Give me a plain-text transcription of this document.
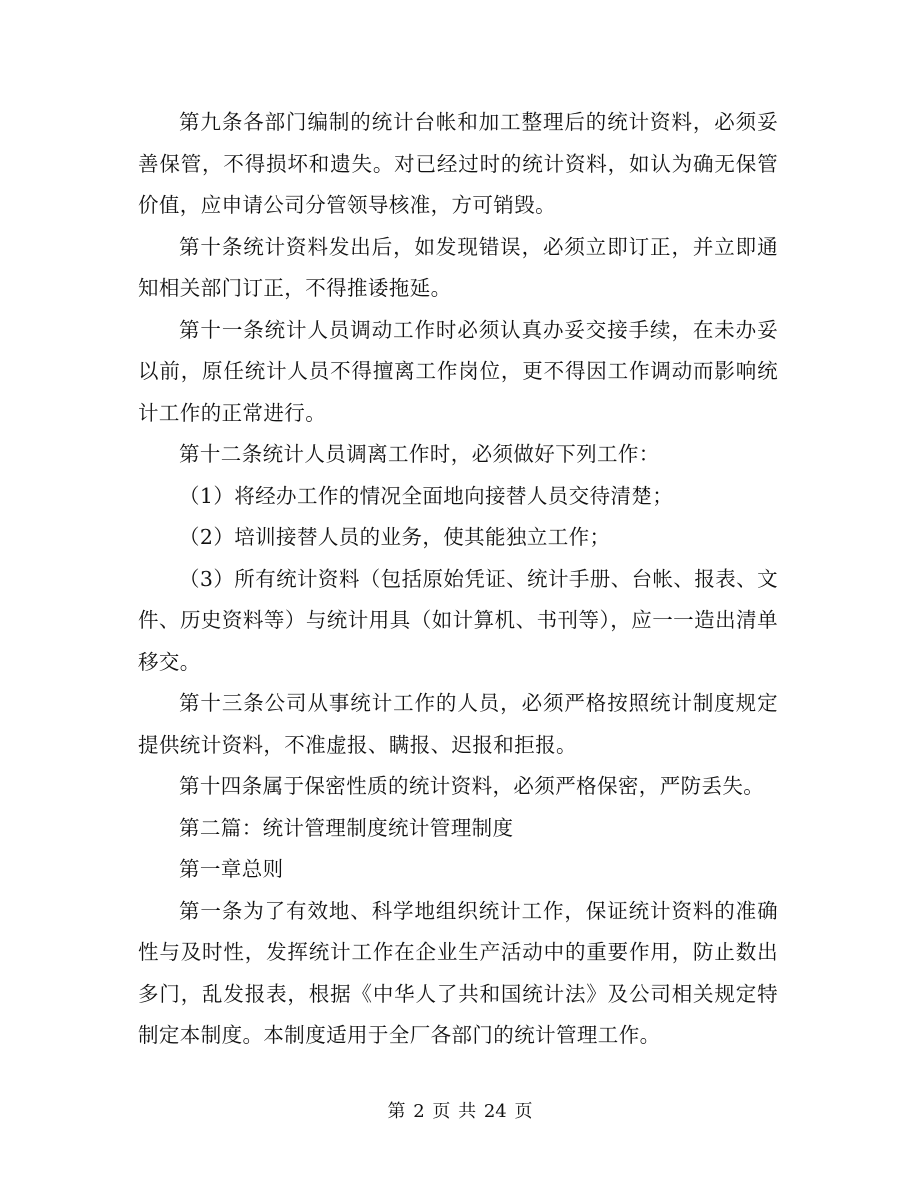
第九条各部门编制的统计台帐和加工整理后的统计资料，必须妥善保管，不得损坏和遗失。对已经过时的统计资料，如认为确无保管价值，应申请公司分管领导核准，方可销毁。

第十条统计资料发出后，如发现错误，必须立即订正，并立即通知相关部门订正，不得推诿拖延。

第十一条统计人员调动工作时必须认真办妥交接手续，在未办妥以前，原任统计人员不得擅离工作岗位，更不得因工作调动而影响统计工作的正常进行。

第十二条统计人员调离工作时，必须做好下列工作：

（1）将经办工作的情况全面地向接替人员交待清楚；

（2）培训接替人员的业务，使其能独立工作；

（3）所有统计资料（包括原始凭证、统计手册、台帐、报表、文件、历史资料等）与统计用具（如计算机、书刊等），应一一造出清单移交。

第十三条公司从事统计工作的人员，必须严格按照统计制度规定提供统计资料，不准虚报、瞒报、迟报和拒报。

第十四条属于保密性质的统计资料，必须严格保密，严防丢失。

第二篇：统计管理制度统计管理制度

第一章总则

第一条为了有效地、科学地组织统计工作，保证统计资料的准确性与及时性，发挥统计工作在企业生产活动中的重要作用，防止数出多门，乱发报表，根据《中华人了共和国统计法》及公司相关规定特制定本制度。本制度适用于全厂各部门的统计管理工作。

第 2 页 共 24 页
